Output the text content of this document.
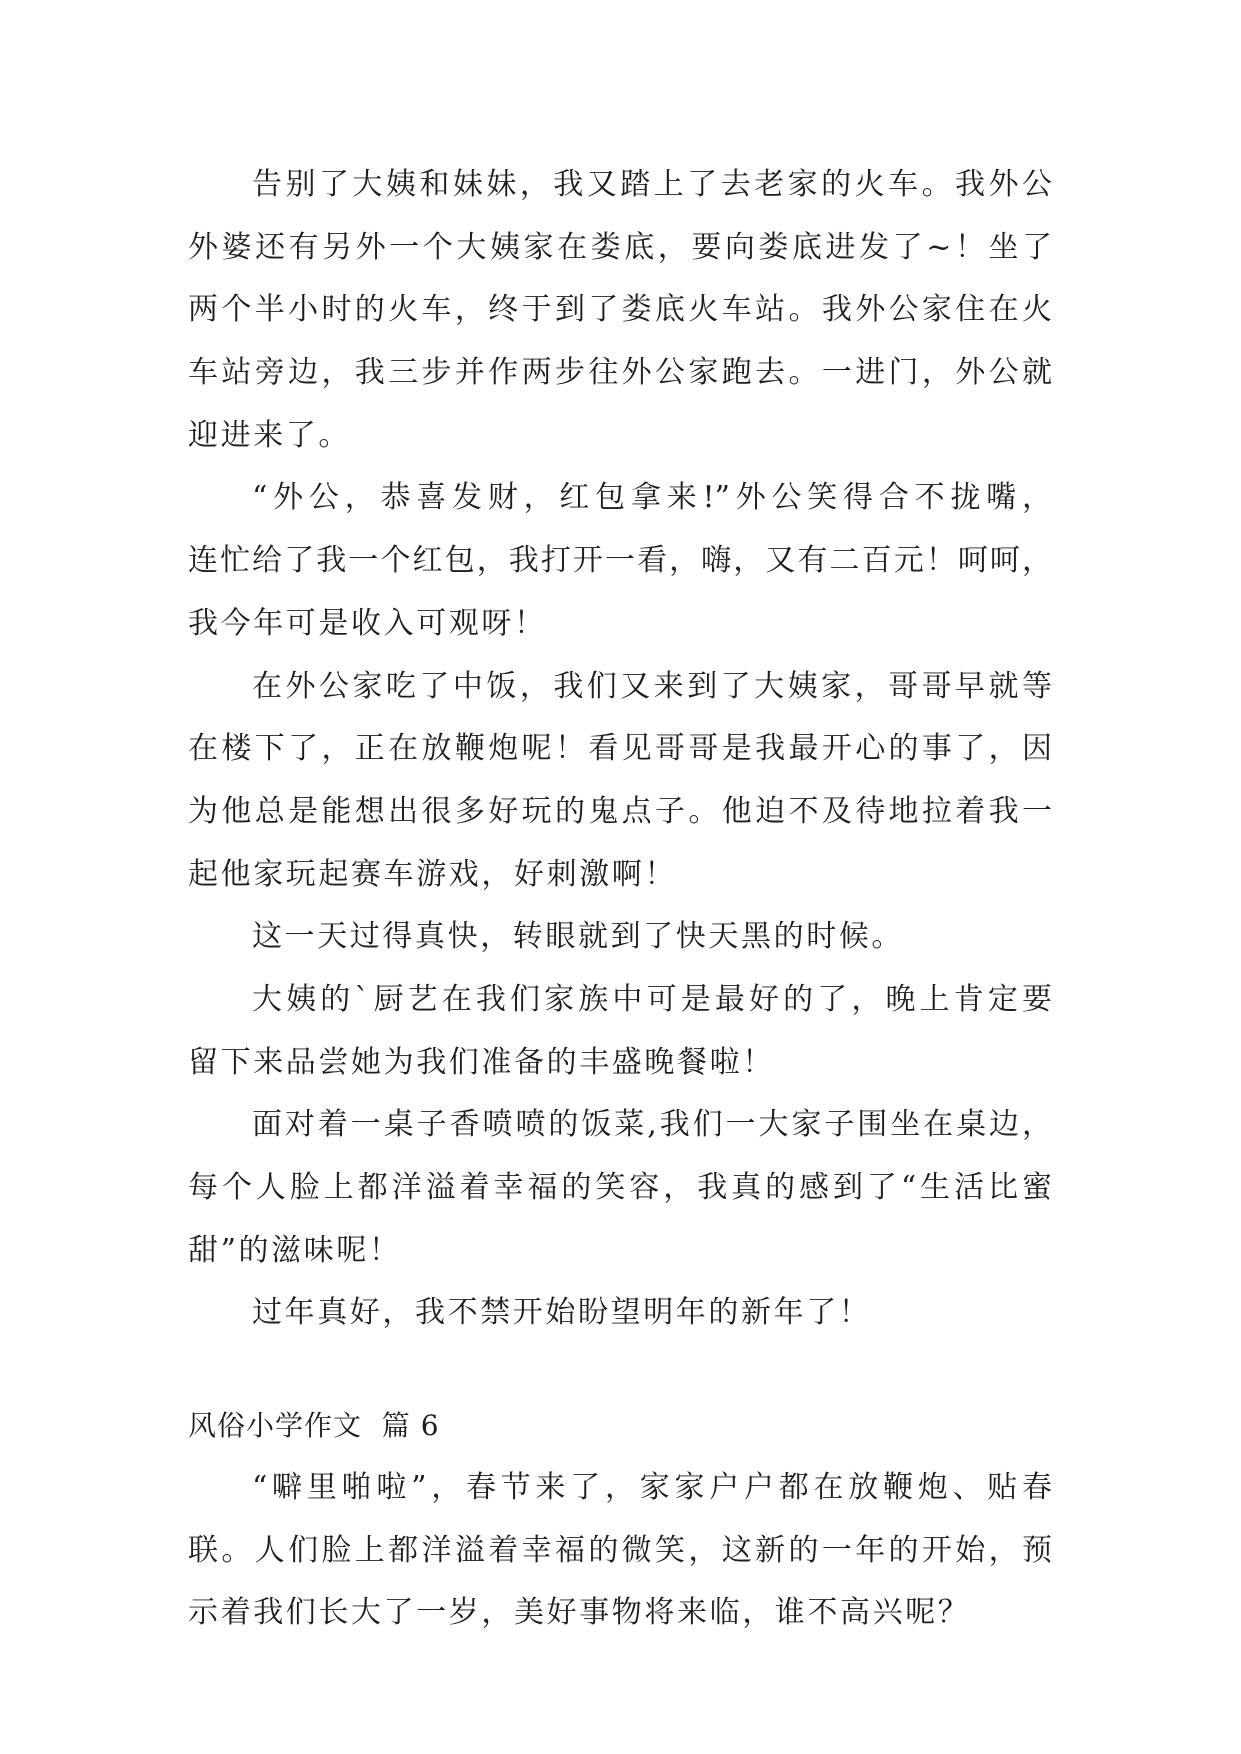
告别了大姨和妹妹，我又踏上了去老家的火车。我外公
外婆还有另外一个大姨家在娄底，要向娄底进发了~！坐了
两个半小时的火车，终于到了娄底火车站。我外公家住在火
车站旁边，我三步并作两步往外公家跑去。一进门，外公就
迎进来了。
“外公，恭喜发财，红包拿来!”外公笑得合不拢嘴，
连忙给了我一个红包，我打开一看，嗨，又有二百元！呵呵，
我今年可是收入可观呀！
在外公家吃了中饭，我们又来到了大姨家，哥哥早就等
在楼下了，正在放鞭炮呢！看见哥哥是我最开心的事了，因
为他总是能想出很多好玩的鬼点子。他迫不及待地拉着我一
起他家玩起赛车游戏，好刺激啊！
这一天过得真快，转眼就到了快天黑的时候。
大姨的`厨艺在我们家族中可是最好的了，晚上肯定要
留下来品尝她为我们准备的丰盛晚餐啦！
面对着一桌子香喷喷的饭菜,我们一大家子围坐在桌边，
每个人脸上都洋溢着幸福的笑容，我真的感到了“生活比蜜
甜”的滋味呢！
过年真好，我不禁开始盼望明年的新年了！
风俗小学作文  篇 6
“噼里啪啦”，春节来了，家家户户都在放鞭炮、贴春
联。人们脸上都洋溢着幸福的微笑，这新的一年的开始，预
示着我们长大了一岁，美好事物将来临，谁不高兴呢？
